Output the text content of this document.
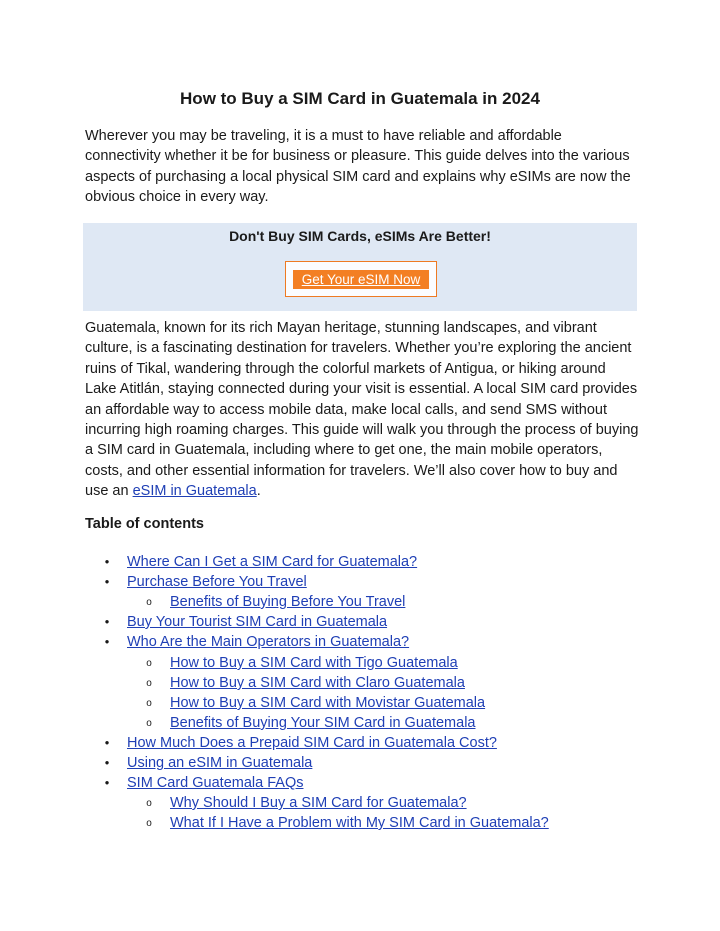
How to Buy a SIM Card in Guatemala in 2024
Wherever you may be traveling, it is a must to have reliable and affordable connectivity whether it be for business or pleasure. This guide delves into the various aspects of purchasing a local physical SIM card and explains why eSIMs are now the obvious choice in every way.
Don't Buy SIM Cards, eSIMs Are Better!
Get Your eSIM Now
Guatemala, known for its rich Mayan heritage, stunning landscapes, and vibrant culture, is a fascinating destination for travelers. Whether you’re exploring the ancient ruins of Tikal, wandering through the colorful markets of Antigua, or hiking around Lake Atitlán, staying connected during your visit is essential. A local SIM card provides an affordable way to access mobile data, make local calls, and send SMS without incurring high roaming charges. This guide will walk you through the process of buying a SIM card in Guatemala, including where to get one, the main mobile operators, costs, and other essential information for travelers. We’ll also cover how to buy and use an eSIM in Guatemala.
Table of contents
●	Where Can I Get a SIM Card for Guatemala?
●	Purchase Before You Travel
o	Benefits of Buying Before You Travel
●	Buy Your Tourist SIM Card in Guatemala
●	Who Are the Main Operators in Guatemala?
o	How to Buy a SIM Card with Tigo Guatemala
o	How to Buy a SIM Card with Claro Guatemala
o	How to Buy a SIM Card with Movistar Guatemala
o	Benefits of Buying Your SIM Card in Guatemala
●	How Much Does a Prepaid SIM Card in Guatemala Cost?
●	Using an eSIM in Guatemala
●	SIM Card Guatemala FAQs
o	Why Should I Buy a SIM Card for Guatemala?
o	What If I Have a Problem with My SIM Card in Guatemala?
